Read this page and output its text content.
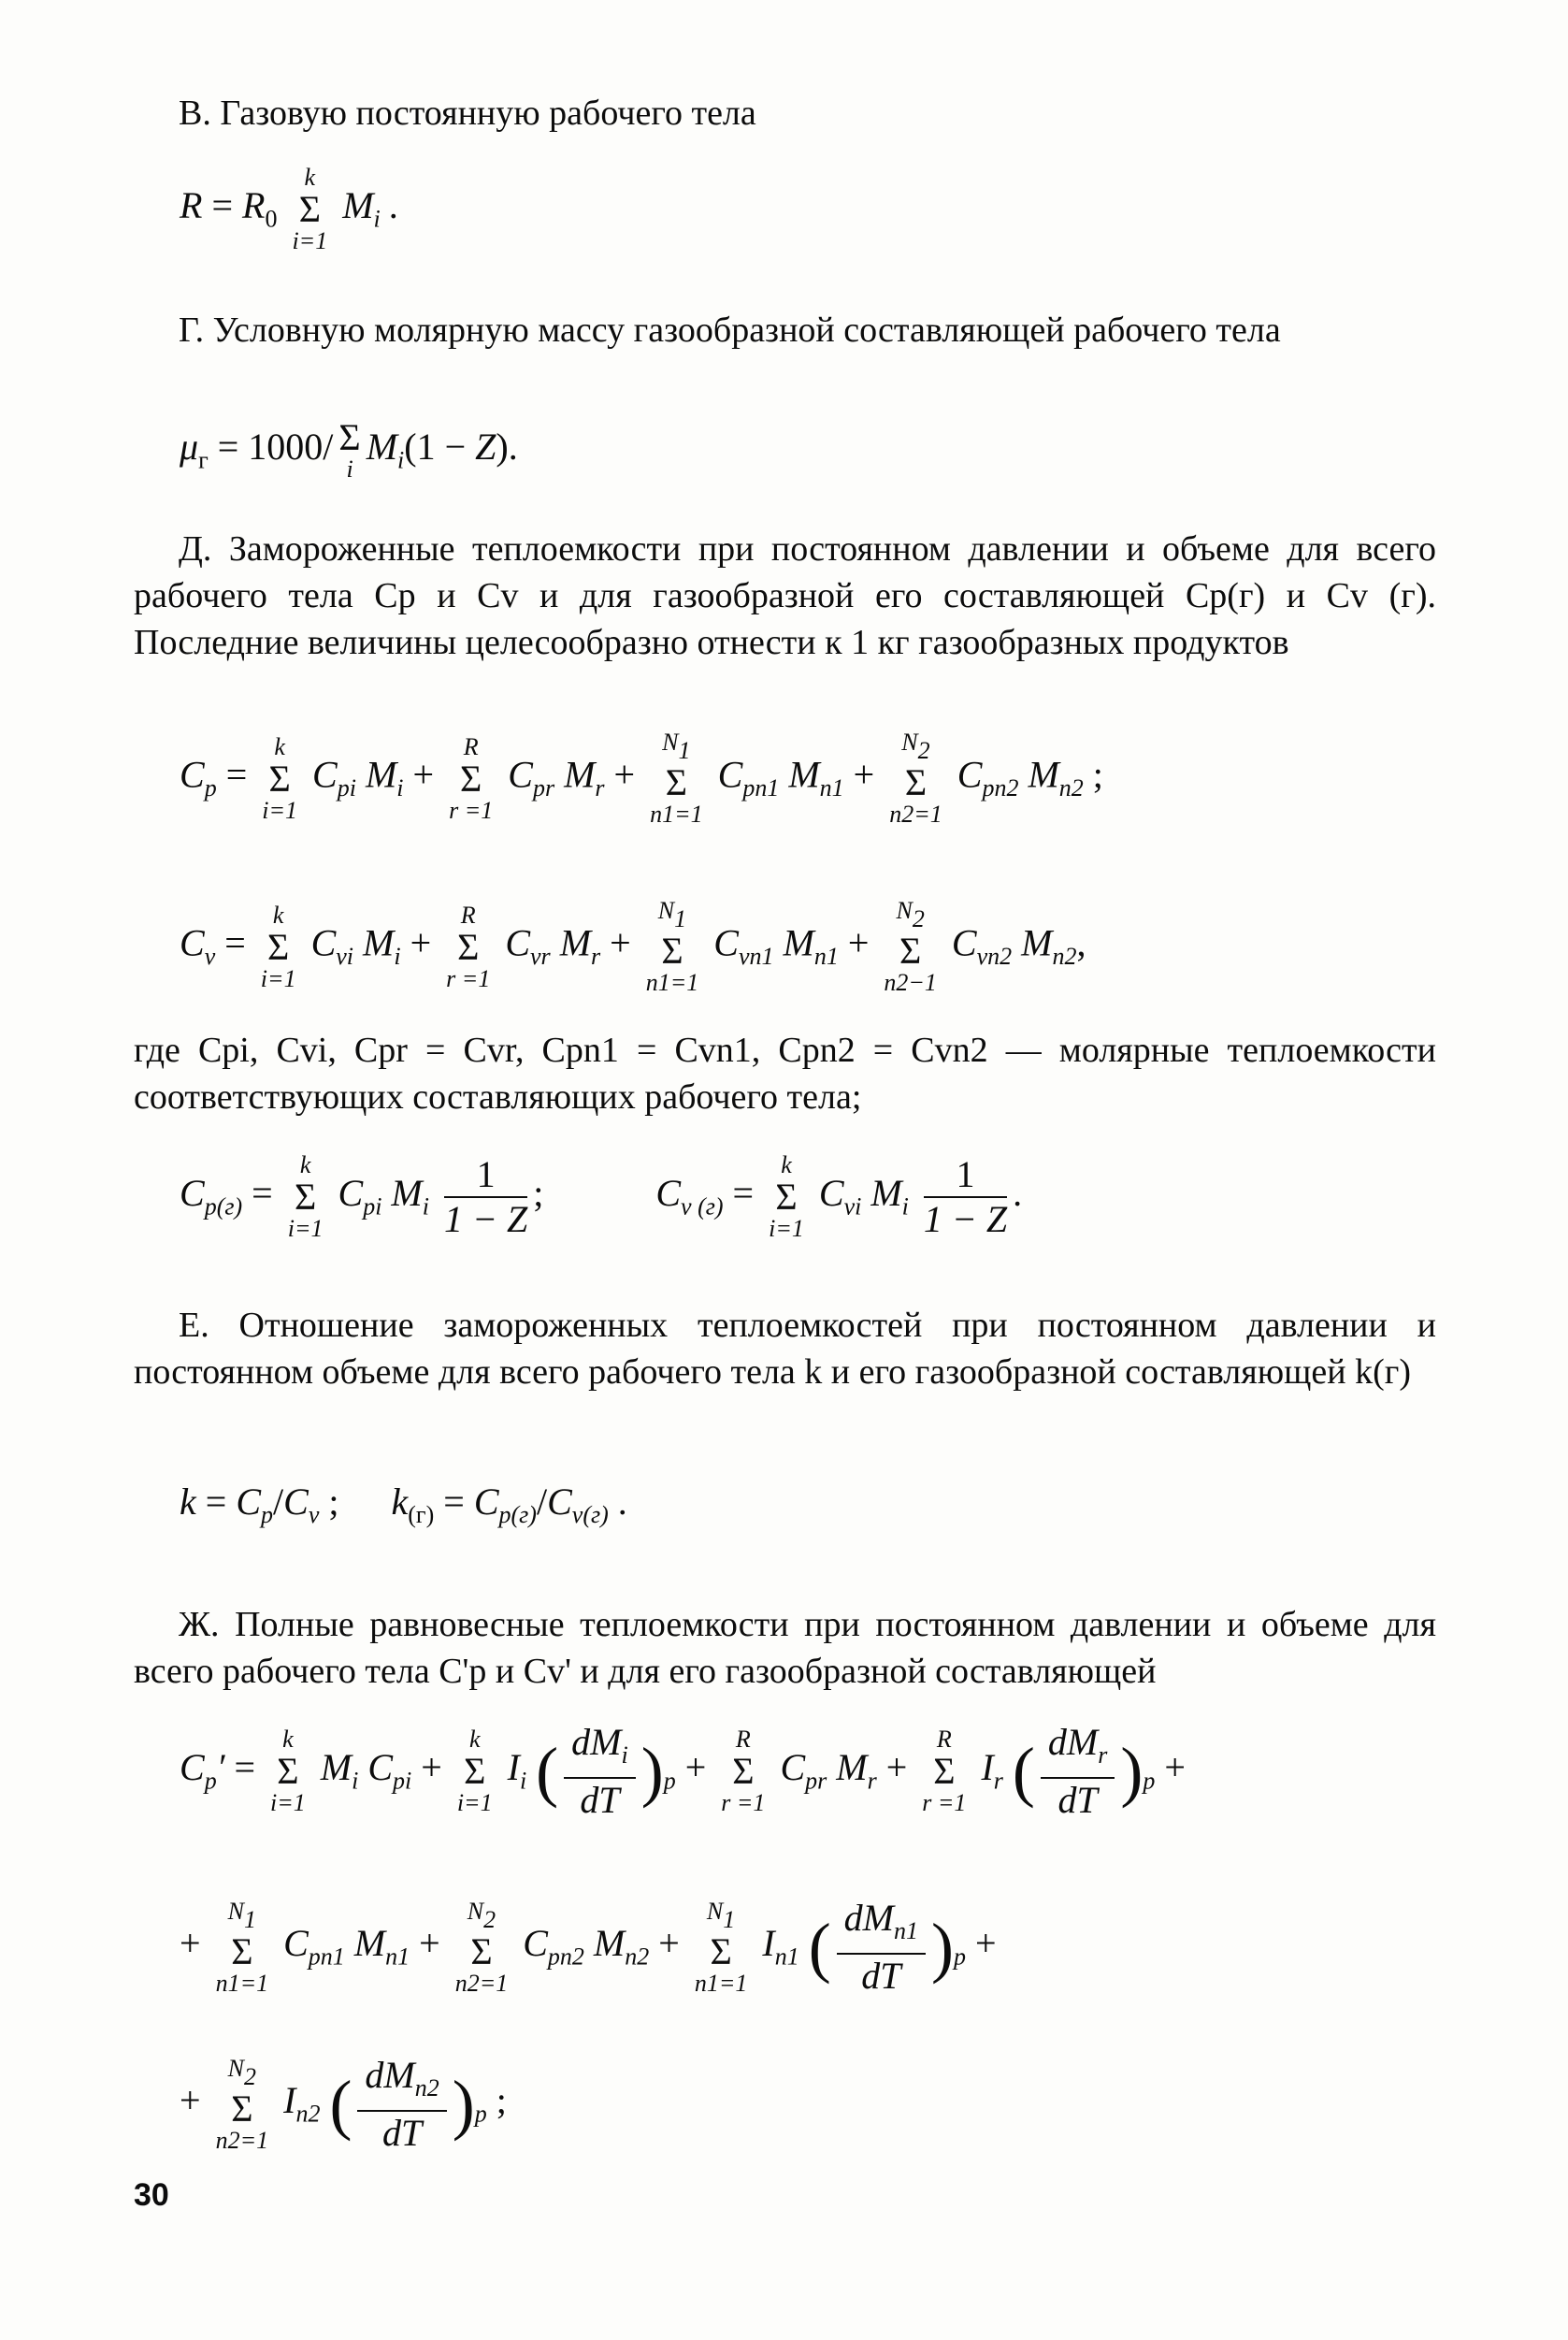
В. Газовую постоянную рабочего тела

$R = R_0$
k
Σ
i=1
$M_i$ .

Г. Условную молярную массу газообразной составляющей рабочего тела

$\mu_г = 1000/$ Σ
i
$M_i(1 - Z)$.

Д. Замороженные теплоемкости при постоянном давлении и объеме для всего рабочего тела Cp и Cv и для газообразной его составляющей Cp(г) и Cv (г). Последние величины целесообразно отнести к 1 кг газообразных продуктов

$C_p$ =
k
Σ
i=1
$C_{pi}$ $M_i$ +
R
Σ
r =1
$C_{pr}$ $M_r$ +
$N_1$
Σ
n1=1
$C_{pn1}$ $M_{n1}$ +
$N_2$
Σ
n2=1
$C_{pn2}$ $M_{n2}$ ;
$C_v$ =
k
Σ
i=1
$C_{vi}$ $M_i$ +
R
Σ
r =1
$C_{vr}$ $M_r$ +
$N_1$
Σ
n1=1
$C_{vn1}$ $M_{n1}$ +
$N_2$
Σ
n2−1
$C_{vn2}$ $M_{n2}$,

где Cpi, Cvi, Cpr = Cvr, Cpn1 = Cvn1, Cpn2 = Cvn2 — молярные теплоемкости соответствующих составляющих рабочего тела;

$C_{p(г)}$ =
k
Σ
i=1
$C_{pi}$ $M_i \frac{1}{1 - Z}$ ;	$C_{v (г)}$ =
k
Σ
i=1
$C_{vi}$ $M_i \frac{1}{1 - Z}$ .

Е. Отношение замороженных теплоемкостей при постоянном давлении и постоянном объеме для всего рабочего тела k и его газообразной составляющей k(г)

$k = C_p/C_v$ ;  $k_{(г)} = C_{p(г)}/C_{v(г)}$ .

Ж. Полные равновесные теплоемкости при постоянном давлении и объеме для всего рабочего тела C'p и Cv' и для его газообразной составляющей

$C_p'$ =
k
Σ
i=1
$M_i$ $C_{pi}$ +
k
Σ
i=1
$I_i$ ( $\frac{dM_i}{dT} )_p$ +
R
Σ
r =1
$C_{pr}$ $M_r$ +
R
Σ
r =1
$I_r$ ( $\frac{dM_r}{dT} )_p$ +
+
$N_1$
Σ
n1=1
$C_{pn1}$ $M_{n1}$ +
$N_2$
Σ
n2=1
$C_{pn2}$ $M_{n2}$ +
$N_1$
Σ
n1=1
$I_{n1}$ ( $\frac{dM_{n1}}{dT} )_p$ +
+
$N_2$
Σ
n2=1
$I_{n2}$ ( $\frac{dM_{n2}}{dT} )_p$ ;
30
